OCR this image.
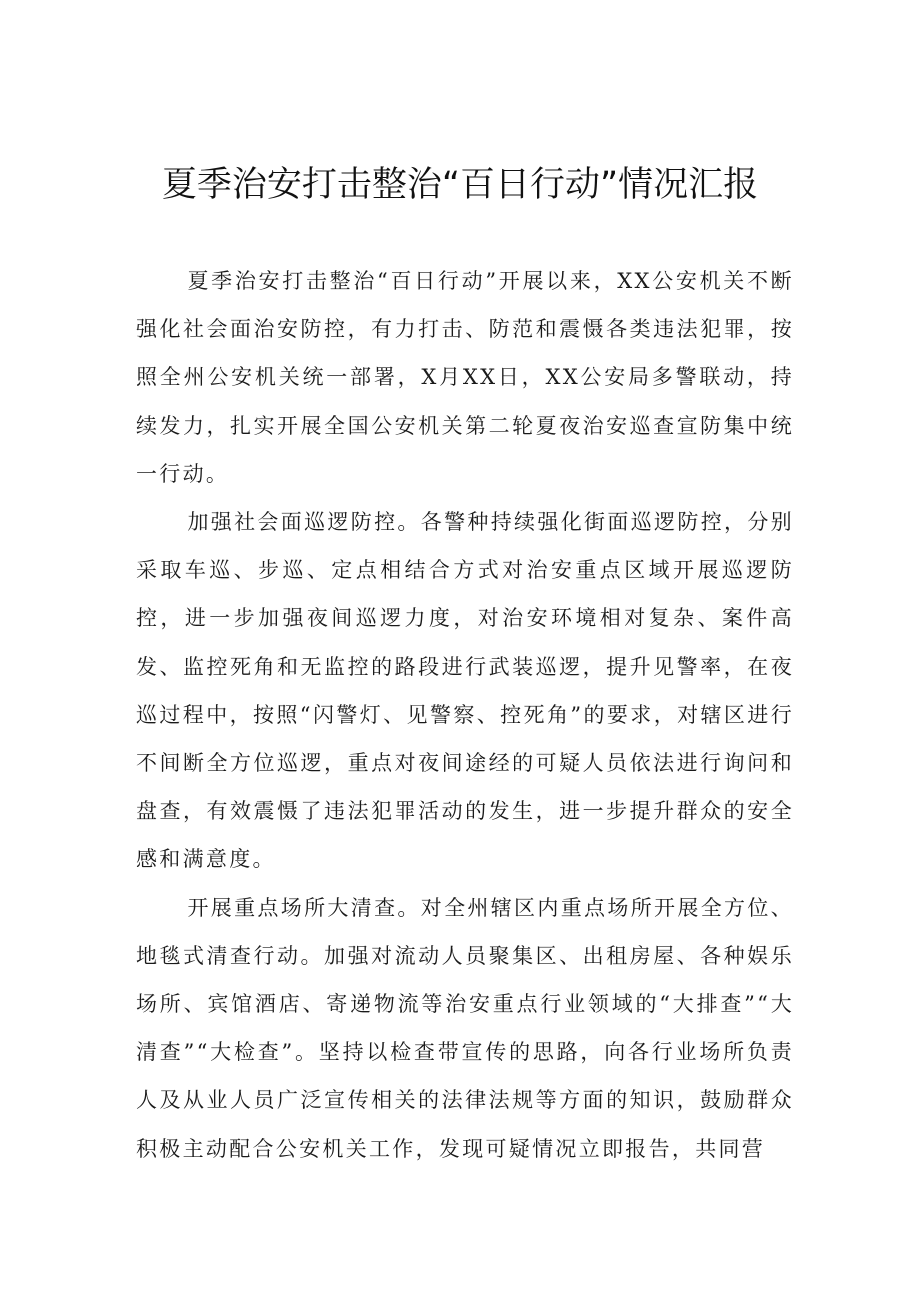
夏季治安打击整治“百日行动”情况汇报

夏季治安打击整治“百日行动”开展以来，XX公安机关不断强化社会面治安防控，有力打击、防范和震慑各类违法犯罪，按照全州公安机关统一部署，X月XX日，XX公安局多警联动，持续发力，扎实开展全国公安机关第二轮夏夜治安巡查宣防集中统一行动。

加强社会面巡逻防控。各警种持续强化街面巡逻防控，分别采取车巡、步巡、定点相结合方式对治安重点区域开展巡逻防控，进一步加强夜间巡逻力度，对治安环境相对复杂、案件高发、监控死角和无监控的路段进行武装巡逻，提升见警率，在夜巡过程中，按照“闪警灯、见警察、控死角”的要求，对辖区进行不间断全方位巡逻，重点对夜间途经的可疑人员依法进行询问和盘查，有效震慑了违法犯罪活动的发生，进一步提升群众的安全感和满意度。

开展重点场所大清查。对全州辖区内重点场所开展全方位、地毯式清查行动。加强对流动人员聚集区、出租房屋、各种娱乐场所、宾馆酒店、寄递物流等治安重点行业领域的“大排查”“大清查”“大检查”。坚持以检查带宣传的思路，向各行业场所负责人及从业人员广泛宣传相关的法律法规等方面的知识，鼓励群众积极主动配合公安机关工作，发现可疑情况立即报告，共同营
